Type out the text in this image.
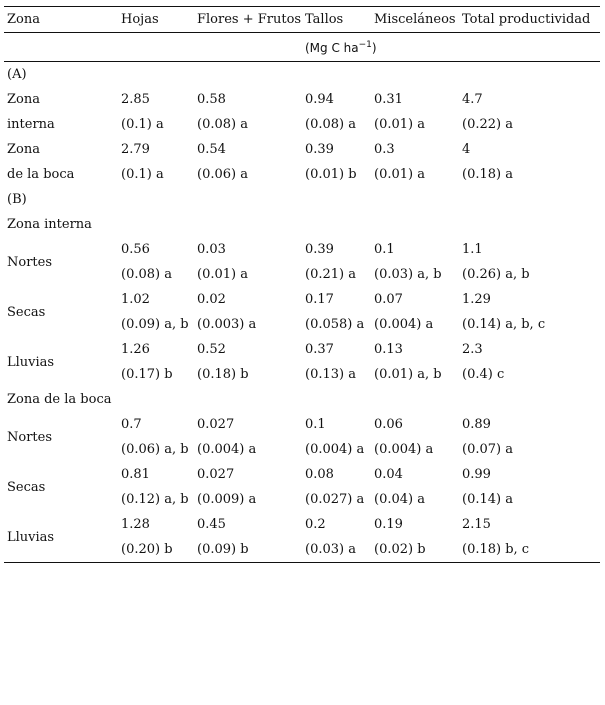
Zona	Hojas	Flores + Frutos	Tallos	Misceláneos	Total productividad
			(Mg C $ha^{-1}$)		
(A)					
Zona	2.85	0.58	0.94	0.31	4.7
interna	(0.1) a	(0.08) a	(0.08) a	(0.01) a	(0.22) a
Zona	2.79	0.54	0.39	0.3	4
de la boca	(0.1) a	(0.06) a	(0.01) b	(0.01) a	(0.18) a
(B)					
Zona interna					
Nortes	0.56	0.03	0.39	0.1	1.1
	(0.08) a	(0.01) a	(0.21) a	(0.03) a, b	(0.26) a, b
Secas	1.02	0.02	0.17	0.07	1.29
	(0.09) a, b	(0.003) a	(0.058) a	(0.004) a	(0.14) a, b, c
Lluvias	1.26	0.52	0.37	0.13	2.3
	(0.17) b	(0.18) b	(0.13) a	(0.01) a, b	(0.4) c
Zona de la boca					
Nortes	0.7	0.027	0.1	0.06	0.89
	(0.06) a, b	(0.004) a	(0.004) a	(0.004) a	(0.07) a
Secas	0.81	0.027	0.08	0.04	0.99
	(0.12) a, b	(0.009) a	(0.027) a	(0.04) a	(0.14) a
Lluvias	1.28	0.45	0.2	0.19	2.15
	(0.20) b	(0.09) b	(0.03) a	(0.02) b	(0.18) b, c
